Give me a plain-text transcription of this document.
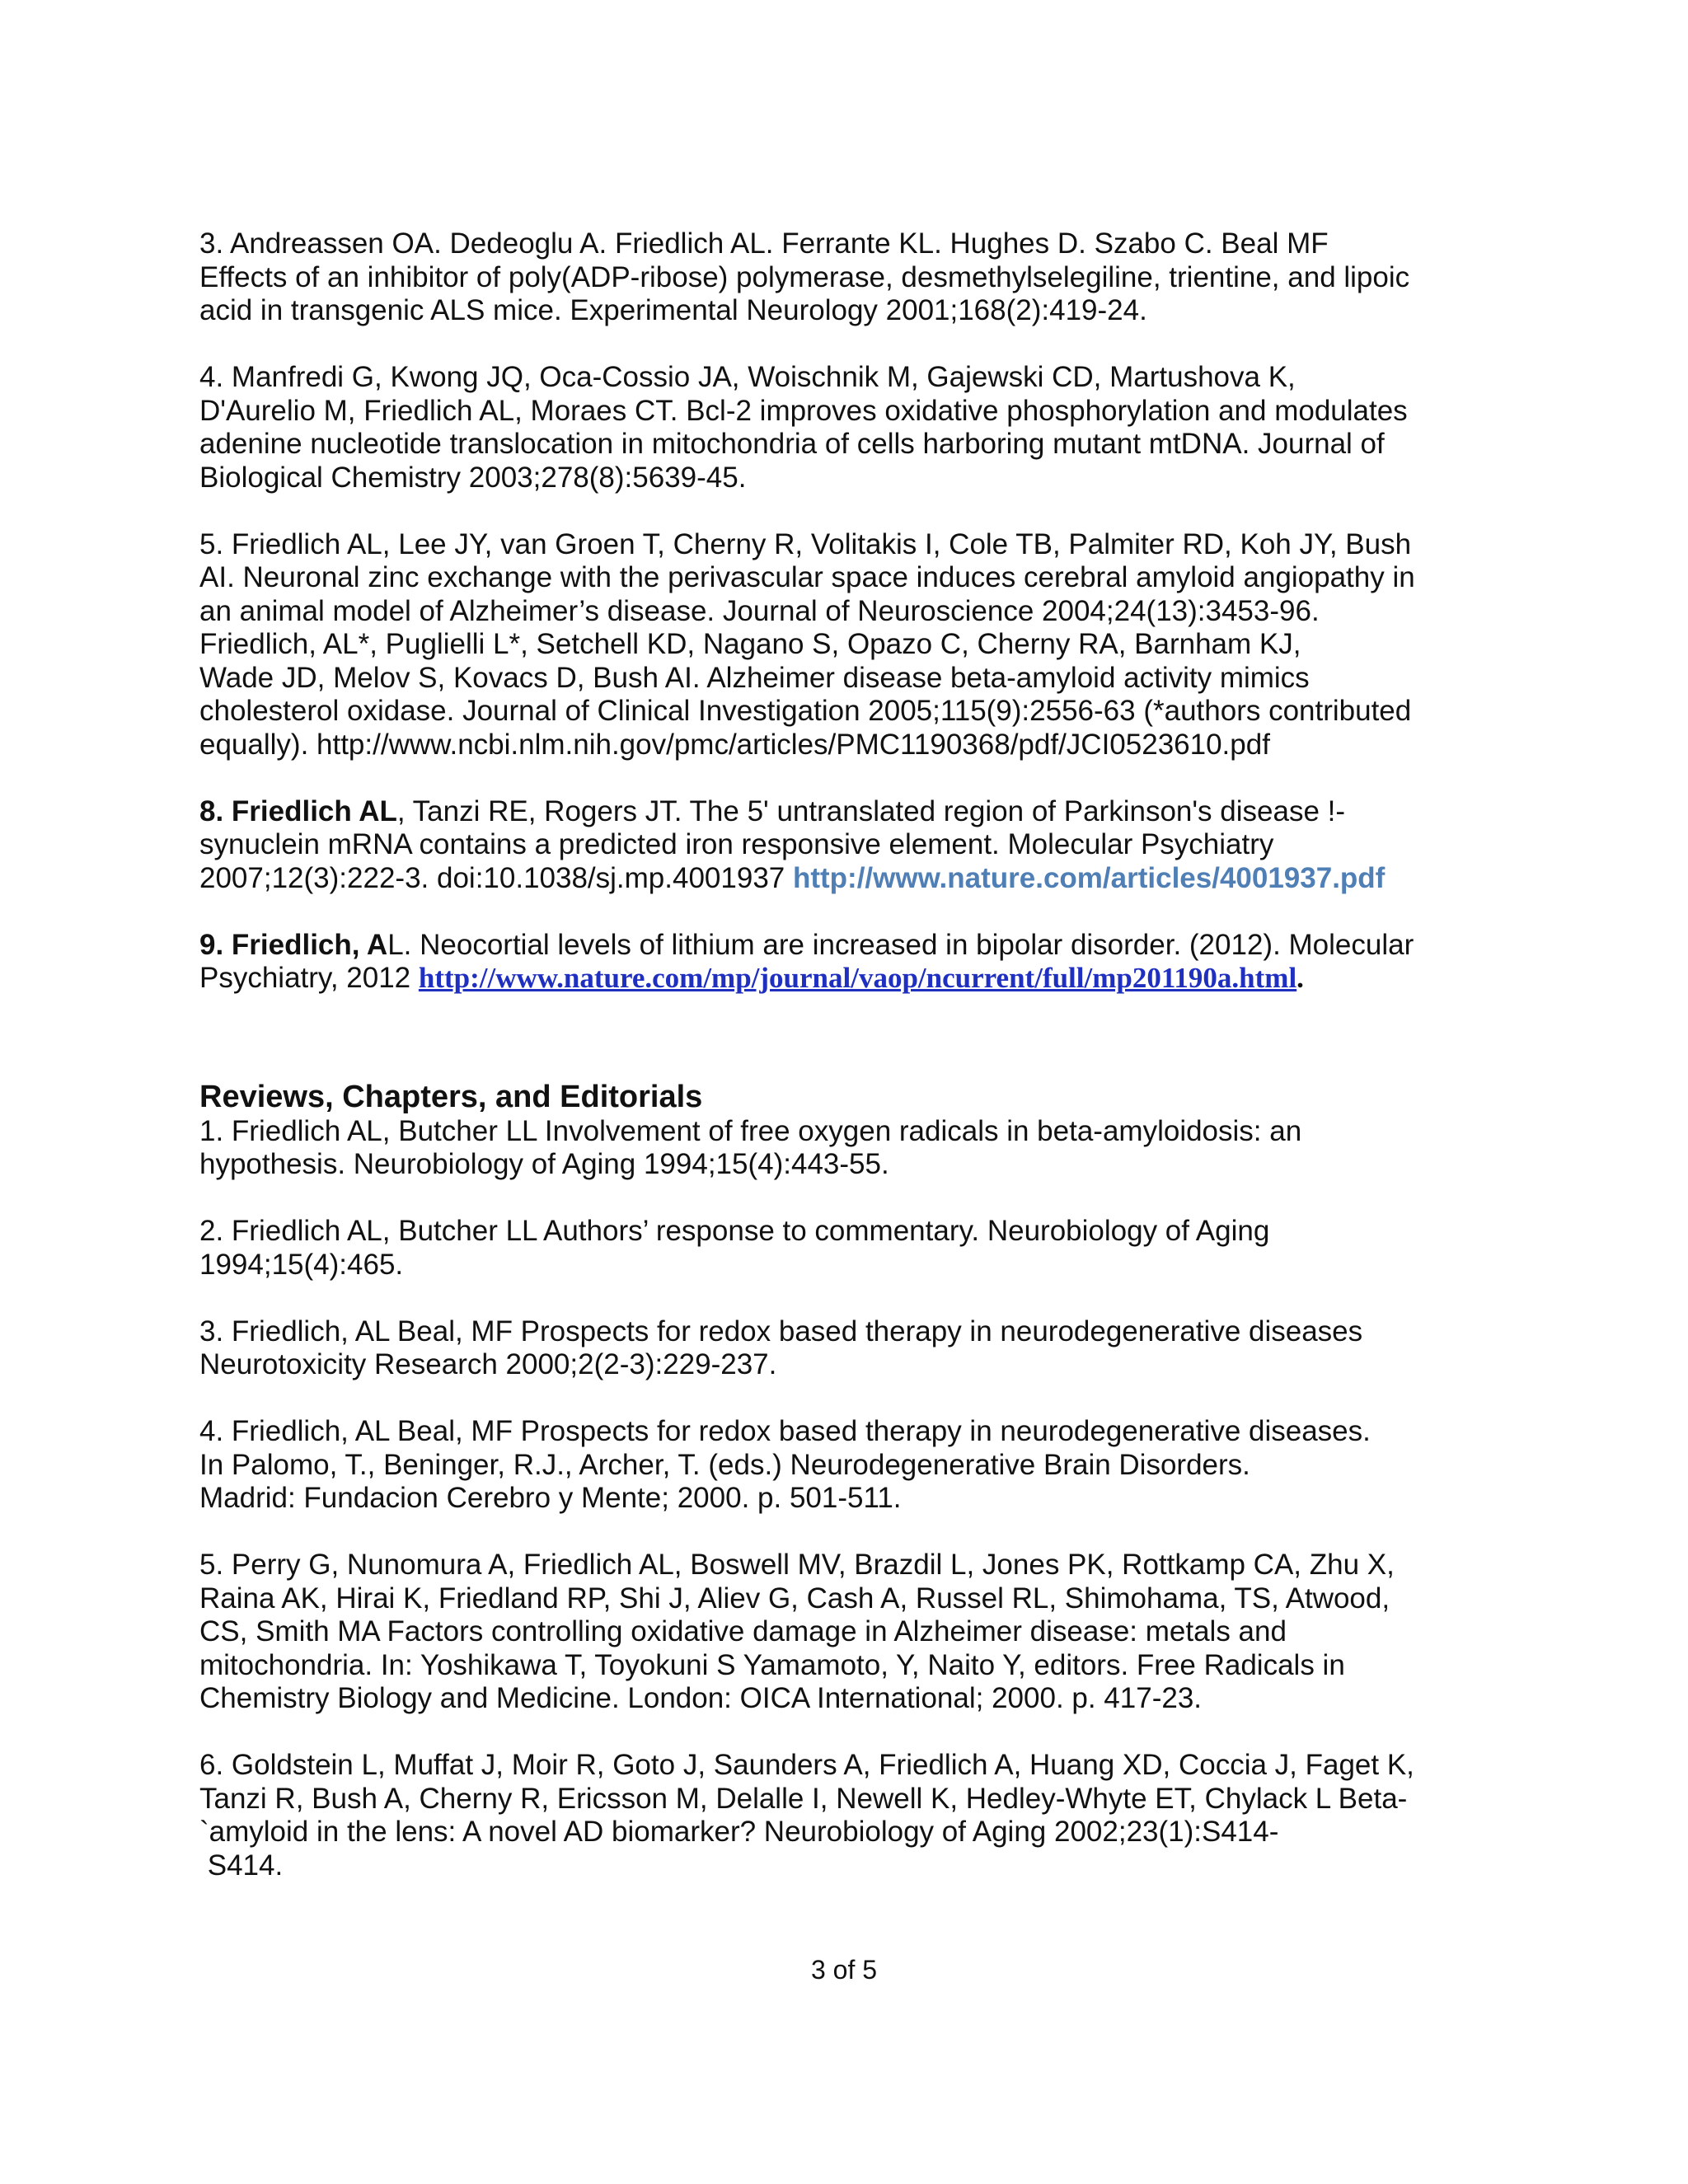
3. Andreassen OA. Dedeoglu A. Friedlich AL. Ferrante KL. Hughes D. Szabo C. Beal MF
Effects of an inhibitor of poly(ADP-ribose) polymerase, desmethylselegiline, trientine, and lipoic
acid in transgenic ALS mice. Experimental Neurology 2001;168(2):419-24.

4. Manfredi G, Kwong JQ, Oca-Cossio JA, Woischnik M, Gajewski CD, Martushova K,
D'Aurelio M, Friedlich AL, Moraes CT. Bcl-2 improves oxidative phosphorylation and modulates
adenine nucleotide translocation in mitochondria of cells harboring mutant mtDNA. Journal of
Biological Chemistry 2003;278(8):5639-45.

5. Friedlich AL, Lee JY, van Groen T, Cherny R, Volitakis I, Cole TB, Palmiter RD, Koh JY, Bush
AI. Neuronal zinc exchange with the perivascular space induces cerebral amyloid angiopathy in
an animal model of Alzheimer’s disease. Journal of Neuroscience 2004;24(13):3453-96.
Friedlich, AL*, Puglielli L*, Setchell KD, Nagano S, Opazo C, Cherny RA, Barnham KJ,
Wade JD, Melov S, Kovacs D, Bush AI. Alzheimer disease beta-amyloid activity mimics
cholesterol oxidase. Journal of Clinical Investigation 2005;115(9):2556-63 (*authors contributed
equally). http://www.ncbi.nlm.nih.gov/pmc/articles/PMC1190368/pdf/JCI0523610.pdf

8. Friedlich AL, Tanzi RE, Rogers JT. The 5' untranslated region of Parkinson's disease !-
synuclein mRNA contains a predicted iron responsive element. Molecular Psychiatry
2007;12(3):222-3. doi:10.1038/sj.mp.4001937 http://www.nature.com/articles/4001937.pdf

9. Friedlich, AL. Neocortial levels of lithium are increased in bipolar disorder. (2012). Molecular
Psychiatry, 2012 http://www.nature.com/mp/journal/vaop/ncurrent/full/mp201190a.html.

Reviews, Chapters, and Editorials

1. Friedlich AL, Butcher LL Involvement of free oxygen radicals in beta-amyloidosis: an
hypothesis. Neurobiology of Aging 1994;15(4):443-55.

2. Friedlich AL, Butcher LL Authors’ response to commentary. Neurobiology of Aging
1994;15(4):465.

3. Friedlich, AL Beal, MF Prospects for redox based therapy in neurodegenerative diseases
Neurotoxicity Research 2000;2(2-3):229-237.

4. Friedlich, AL Beal, MF Prospects for redox based therapy in neurodegenerative diseases.
In Palomo, T., Beninger, R.J., Archer, T. (eds.) Neurodegenerative Brain Disorders.
Madrid: Fundacion Cerebro y Mente; 2000. p. 501-511.

5. Perry G, Nunomura A, Friedlich AL, Boswell MV, Brazdil L, Jones PK, Rottkamp CA, Zhu X,
Raina AK, Hirai K, Friedland RP, Shi J, Aliev G, Cash A, Russel RL, Shimohama, TS, Atwood,
CS, Smith MA Factors controlling oxidative damage in Alzheimer disease: metals and
mitochondria. In: Yoshikawa T, Toyokuni S Yamamoto, Y, Naito Y, editors. Free Radicals in
Chemistry Biology and Medicine. London: OICA International; 2000. p. 417-23.

6. Goldstein L, Muffat J, Moir R, Goto J, Saunders A, Friedlich A, Huang XD, Coccia J, Faget K,
Tanzi R, Bush A, Cherny R, Ericsson M, Delalle I, Newell K, Hedley-Whyte ET, Chylack L Beta-
`amyloid in the lens: A novel AD biomarker? Neurobiology of Aging 2002;23(1):S414-
S414.

3 of 5
